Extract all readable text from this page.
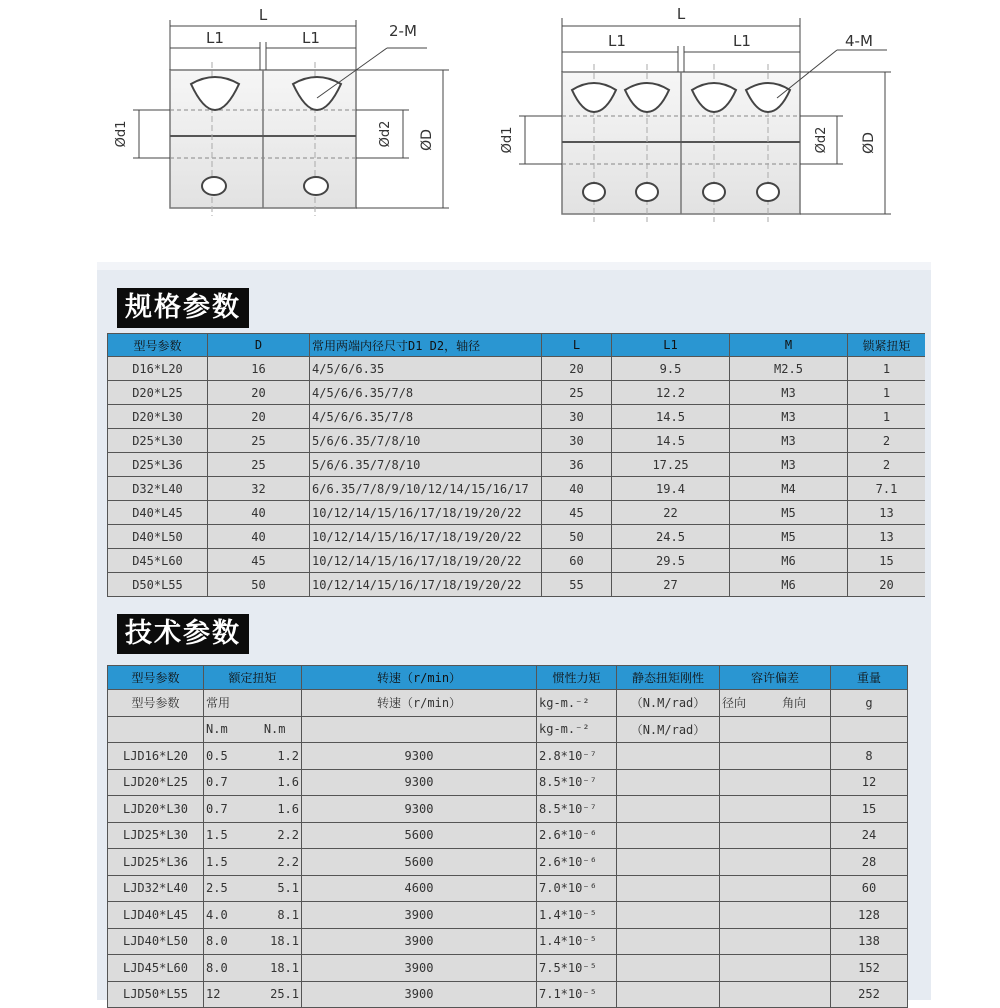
L
L1	L1	2-M
Ød1	Ød2 ØD
L
L1	L1	4-M
Ød1	Ød2 ØD
规格参数
型号参数	D	常用两端内径尺寸D1 D2，轴径	L	L1	M	锁紧扭矩
D16*L20	16	4/5/6/6.35	20	9.5	M2.5	1
D20*L25	20	4/5/6/6.35/7/8	25	12.2	M3	1
D20*L30	20	4/5/6/6.35/7/8	30	14.5	M3	1
D25*L30	25	5/6/6.35/7/8/10	30	14.5	M3	2
D25*L36	25	5/6/6.35/7/8/10	36	17.25	M3	2
D32*L40	32	6/6.35/7/8/9/10/12/14/15/16/17	40	19.4	M4	7.1
D40*L45	40	10/12/14/15/16/17/18/19/20/22	45	22	M5	13
D40*L50	40	10/12/14/15/16/17/18/19/20/22	50	24.5	M5	13
D45*L60	45	10/12/14/15/16/17/18/19/20/22	60	29.5	M6	15
D50*L55	50	10/12/14/15/16/17/18/19/20/22	55	27	M6	20
技术参数
型号参数	额定扭矩	转速（r/min）	惯性力矩	静态扭矩刚性	容许偏差	重量
型号参数	常用	转速（r/min）	kg-m.⁻²	（N.M/rad）	径向 角向	g
	N.m N.m		kg-m.⁻²	（N.M/rad）		
LJD16*L20	0.5 1.2	9300	2.8*10⁻⁷			8
LJD20*L25	0.7 1.6	9300	8.5*10⁻⁷			12
LJD20*L30	0.7 1.6	9300	8.5*10⁻⁷			15
LJD25*L30	1.5 2.2	5600	2.6*10⁻⁶			24
LJD25*L36	1.5 2.2	5600	2.6*10⁻⁶			28
LJD32*L40	2.5 5.1	4600	7.0*10⁻⁶			60
LJD40*L45	4.0 8.1	3900	1.4*10⁻⁵			128
LJD40*L50	8.0 18.1	3900	1.4*10⁻⁵			138
LJD45*L60	8.0 18.1	3900	7.5*10⁻⁵			152
LJD50*L55	12 25.1	3900	7.1*10⁻⁵			252
